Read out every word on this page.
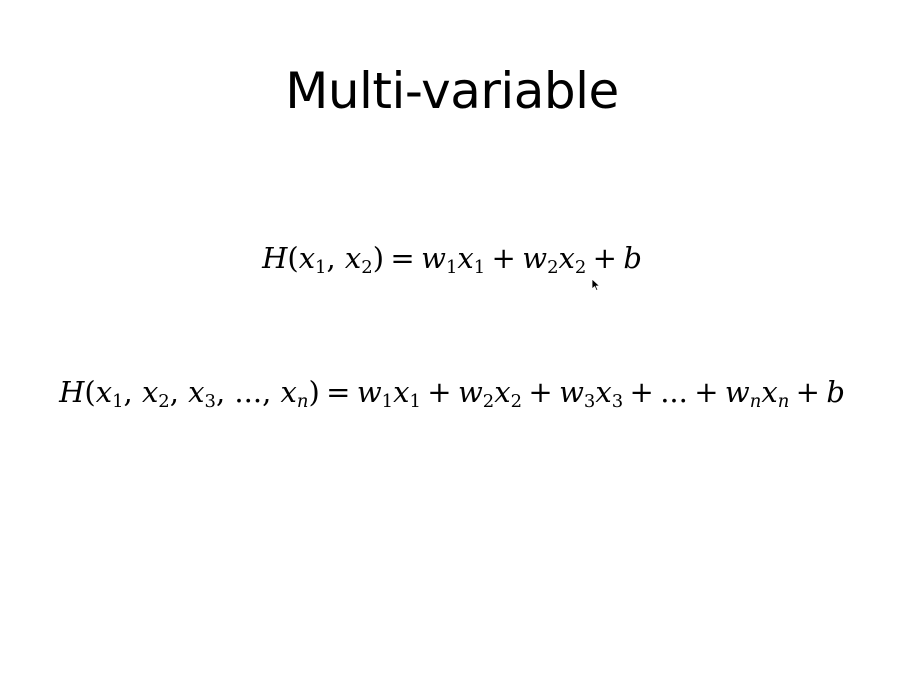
Multi-variable
$H(x_1$, $x_2) = w_1x_1 + w_2x_2 + b$
$H(x_1$, $x_2$, $x_3$, ..., $x_n) = w_1x_1 + w_2x_2 + w_3x_3$ + ... + $w_nx_n + b$
